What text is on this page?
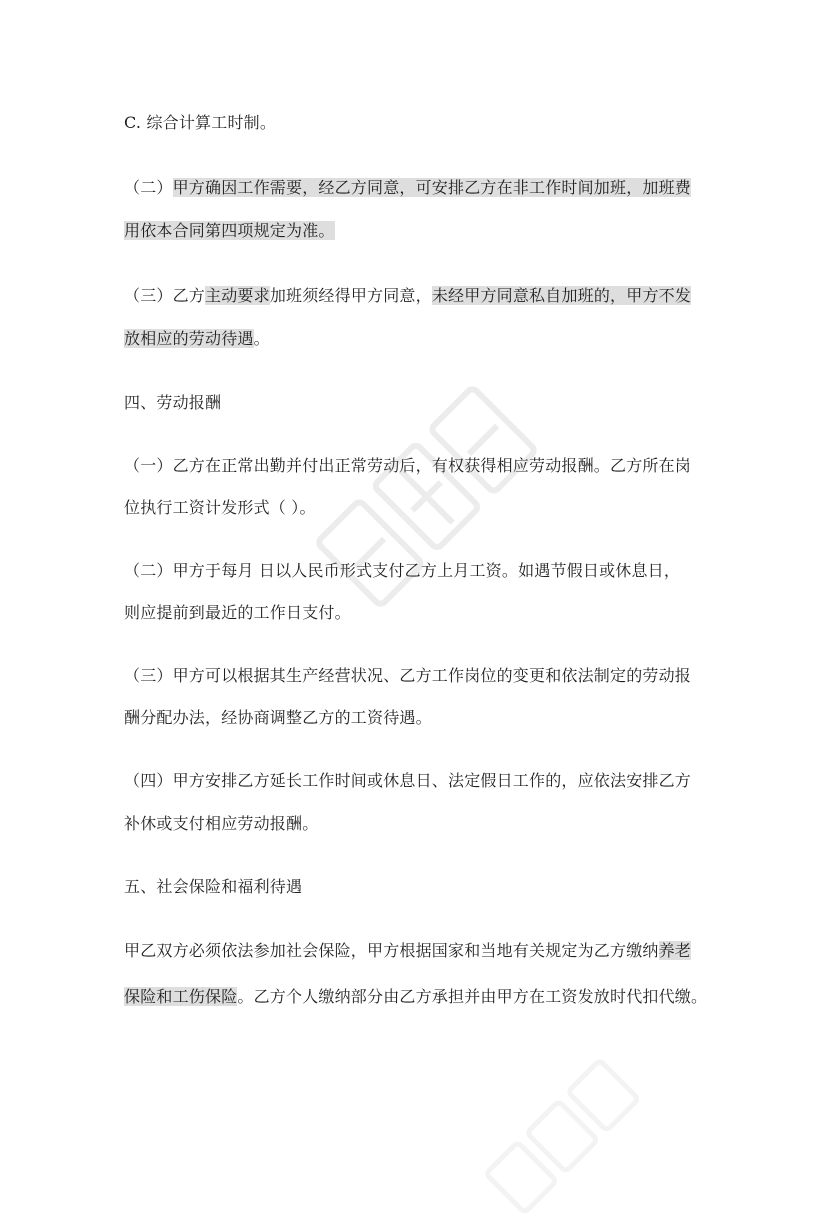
C. 综合计算工时制。
（二）甲方确因工作需要，经乙方同意，可安排乙方在非工作时间加班，加班费
用依本合同第四项规定为准。
（三）乙方主动要求加班须经得甲方同意，未经甲方同意私自加班的，甲方不发
放相应的劳动待遇。
四、劳动报酬
（一）乙方在正常出勤并付出正常劳动后，有权获得相应劳动报酬。乙方所在岗
位执行工资计发形式（ ）。
（二）甲方于每月 日以人民币形式支付乙方上月工资。如遇节假日或休息日，
则应提前到最近的工作日支付。
（三）甲方可以根据其生产经营状况、乙方工作岗位的变更和依法制定的劳动报
酬分配办法，经协商调整乙方的工资待遇。
（四）甲方安排乙方延长工作时间或休息日、法定假日工作的，应依法安排乙方
补休或支付相应劳动报酬。
五、社会保险和福利待遇
甲乙双方必须依法参加社会保险，甲方根据国家和当地有关规定为乙方缴纳养老
保险和工伤保险。乙方个人缴纳部分由乙方承担并由甲方在工资发放时代扣代缴。
